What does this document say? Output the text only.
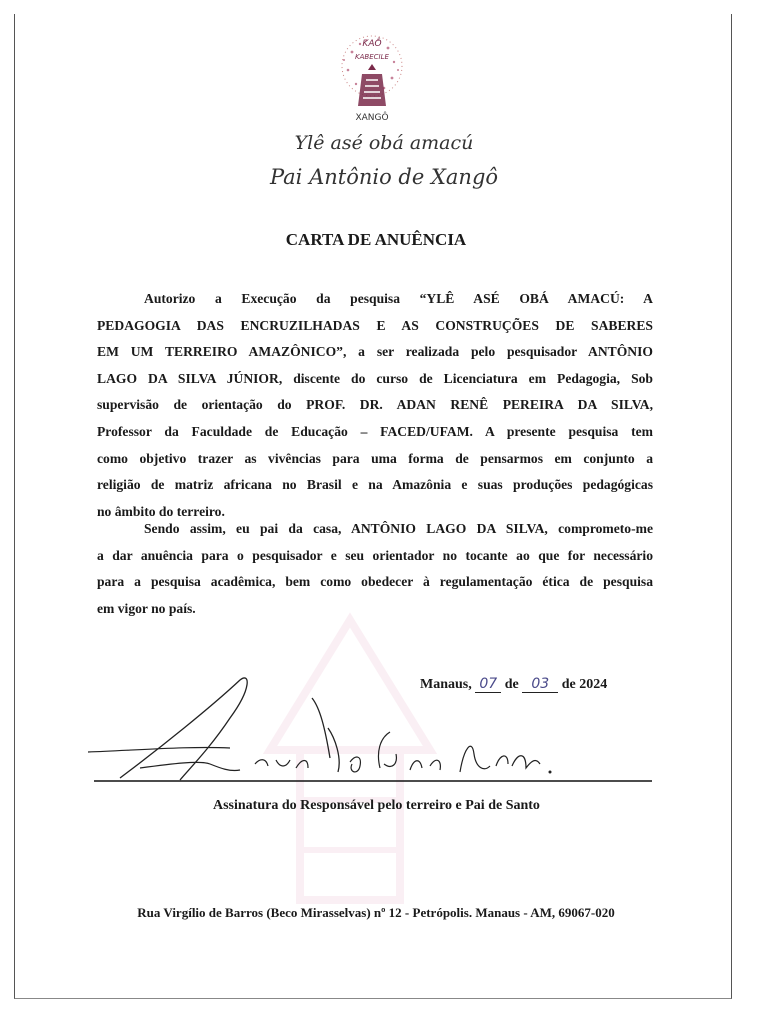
KAÔ
KABECILE
XANGÔ
Ylê asé obá amacú
Pai Antônio de Xangô
CARTA DE ANUÊNCIA
Autorizo a Execução da pesquisa “YLÊ ASÉ OBÁ AMACÚ: A
PEDAGOGIA DAS ENCRUZILHADAS E AS CONSTRUÇÕES DE SABERES
EM UM TERREIRO AMAZÔNICO”, a ser realizada pelo pesquisador ANTÔNIO
LAGO DA SILVA JÚNIOR, discente do curso de Licenciatura em Pedagogia, Sob
supervisão de orientação do PROF. DR. ADAN RENÊ PEREIRA DA SILVA,
Professor da Faculdade de Educação – FACED/UFAM. A presente pesquisa tem
como objetivo trazer as vivências para uma forma de pensarmos em conjunto a
religião de matriz africana no Brasil e na Amazônia e suas produções pedagógicas
no âmbito do terreiro.
Sendo assim, eu pai da casa, ANTÔNIO LAGO DA SILVA, comprometo-me
a dar anuência para o pesquisador e seu orientador no tocante ao que for necessário
para a pesquisa acadêmica, bem como obedecer à regulamentação ética de pesquisa
em vigor no país.
Manaus, 07 de 03 de 2024
Assinatura do Responsável pelo terreiro e Pai de Santo
Rua Virgílio de Barros (Beco Mirasselvas) nº 12 - Petrópolis. Manaus - AM, 69067-020
